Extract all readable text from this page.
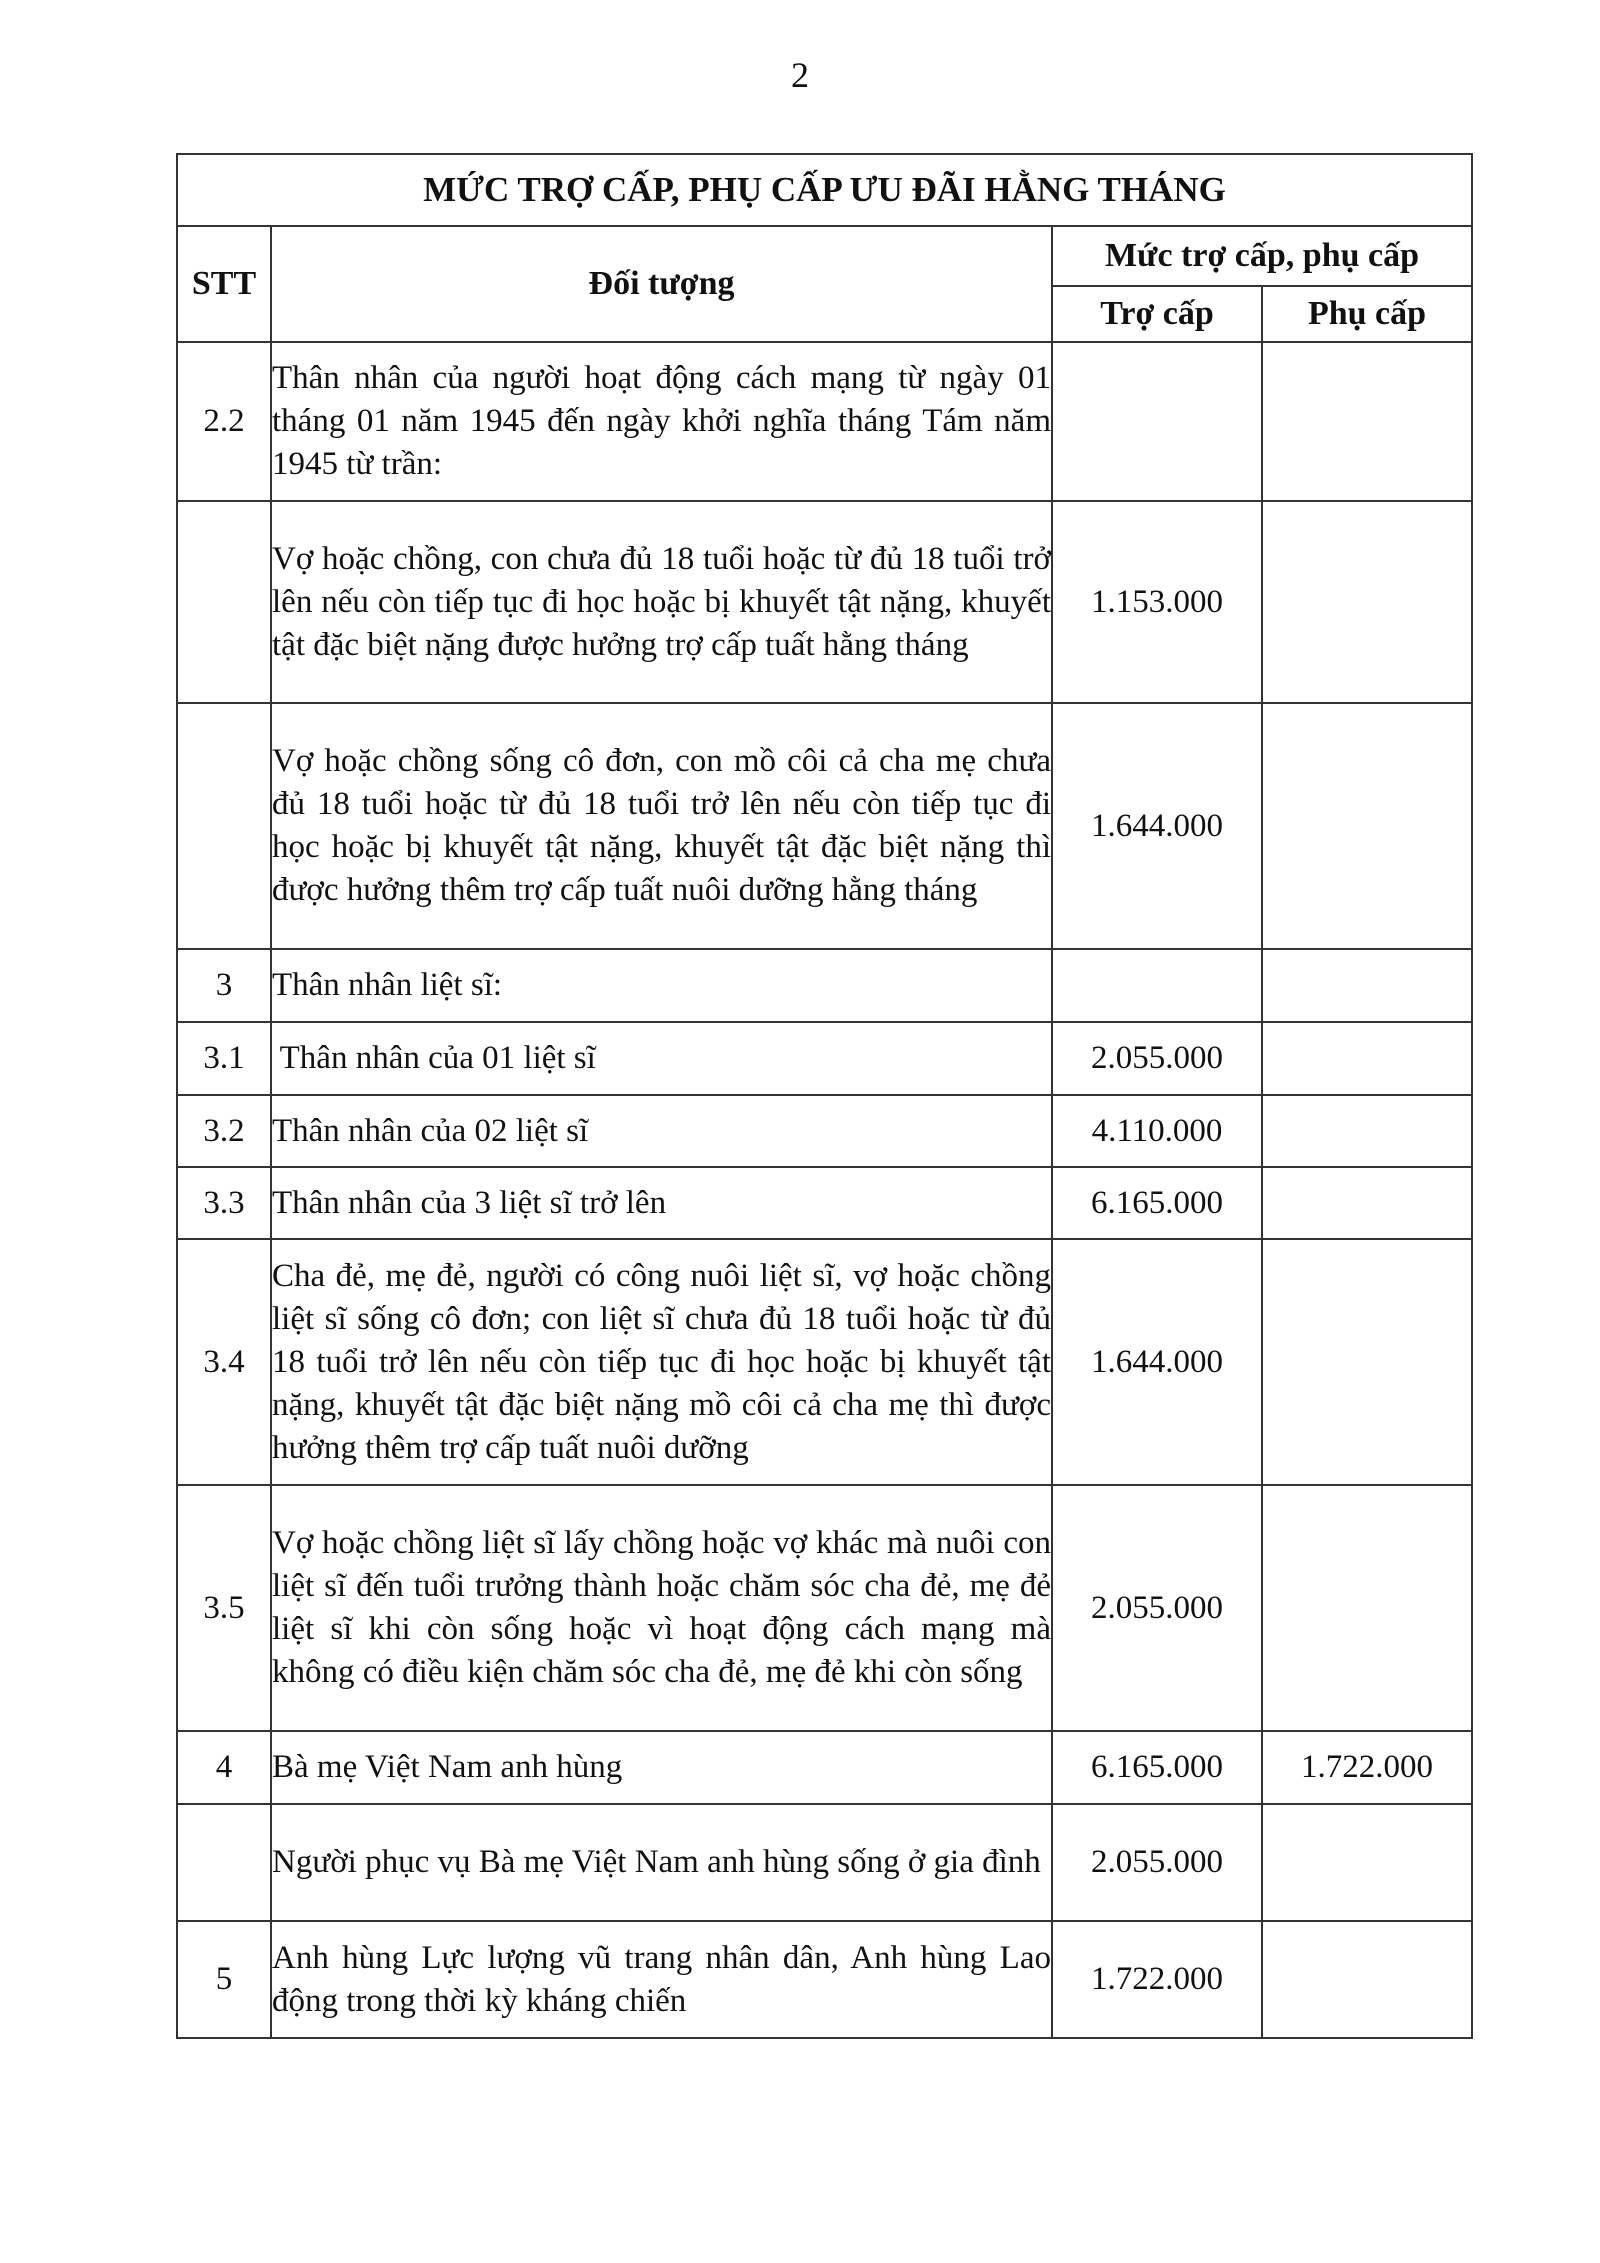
2
MỨC TRỢ CẤP, PHỤ CẤP ƯU ĐÃI HẰNG THÁNG			
STT	Đối tượng	Mức trợ cấp, phụ cấp	
		Trợ cấp	Phụ cấp
2.2	Thân nhân của người hoạt động cách mạng từ ngày 01 tháng 01 năm 1945 đến ngày khởi nghĩa tháng Tám năm 1945 từ trần:		
	Vợ hoặc chồng, con chưa đủ 18 tuổi hoặc từ đủ 18 tuổi trở lên nếu còn tiếp tục đi học hoặc bị khuyết tật nặng, khuyết tật đặc biệt nặng được hưởng trợ cấp tuất hằng tháng	1.153.000	
	Vợ hoặc chồng sống cô đơn, con mồ côi cả cha mẹ chưa đủ 18 tuổi hoặc từ đủ 18 tuổi trở lên nếu còn tiếp tục đi học hoặc bị khuyết tật nặng, khuyết tật đặc biệt nặng thì được hưởng thêm trợ cấp tuất nuôi dưỡng hằng tháng	1.644.000	
3	Thân nhân liệt sĩ:		
3.1	Thân nhân của 01 liệt sĩ	2.055.000	
3.2	Thân nhân của 02 liệt sĩ	4.110.000	
3.3	Thân nhân của 3 liệt sĩ trở lên	6.165.000	
3.4	Cha đẻ, mẹ đẻ, người có công nuôi liệt sĩ, vợ hoặc chồng liệt sĩ sống cô đơn; con liệt sĩ chưa đủ 18 tuổi hoặc từ đủ 18 tuổi trở lên nếu còn tiếp tục đi học hoặc bị khuyết tật nặng, khuyết tật đặc biệt nặng mồ côi cả cha mẹ thì được hưởng thêm trợ cấp tuất nuôi dưỡng	1.644.000	
3.5	Vợ hoặc chồng liệt sĩ lấy chồng hoặc vợ khác mà nuôi con liệt sĩ đến tuổi trưởng thành hoặc chăm sóc cha đẻ, mẹ đẻ liệt sĩ khi còn sống hoặc vì hoạt động cách mạng mà không có điều kiện chăm sóc cha đẻ, mẹ đẻ khi còn sống	2.055.000	
4	Bà mẹ Việt Nam anh hùng	6.165.000	1.722.000
	Người phục vụ Bà mẹ Việt Nam anh hùng sống ở gia đình	2.055.000	
5	Anh hùng Lực lượng vũ trang nhân dân, Anh hùng Lao động trong thời kỳ kháng chiến	1.722.000	
